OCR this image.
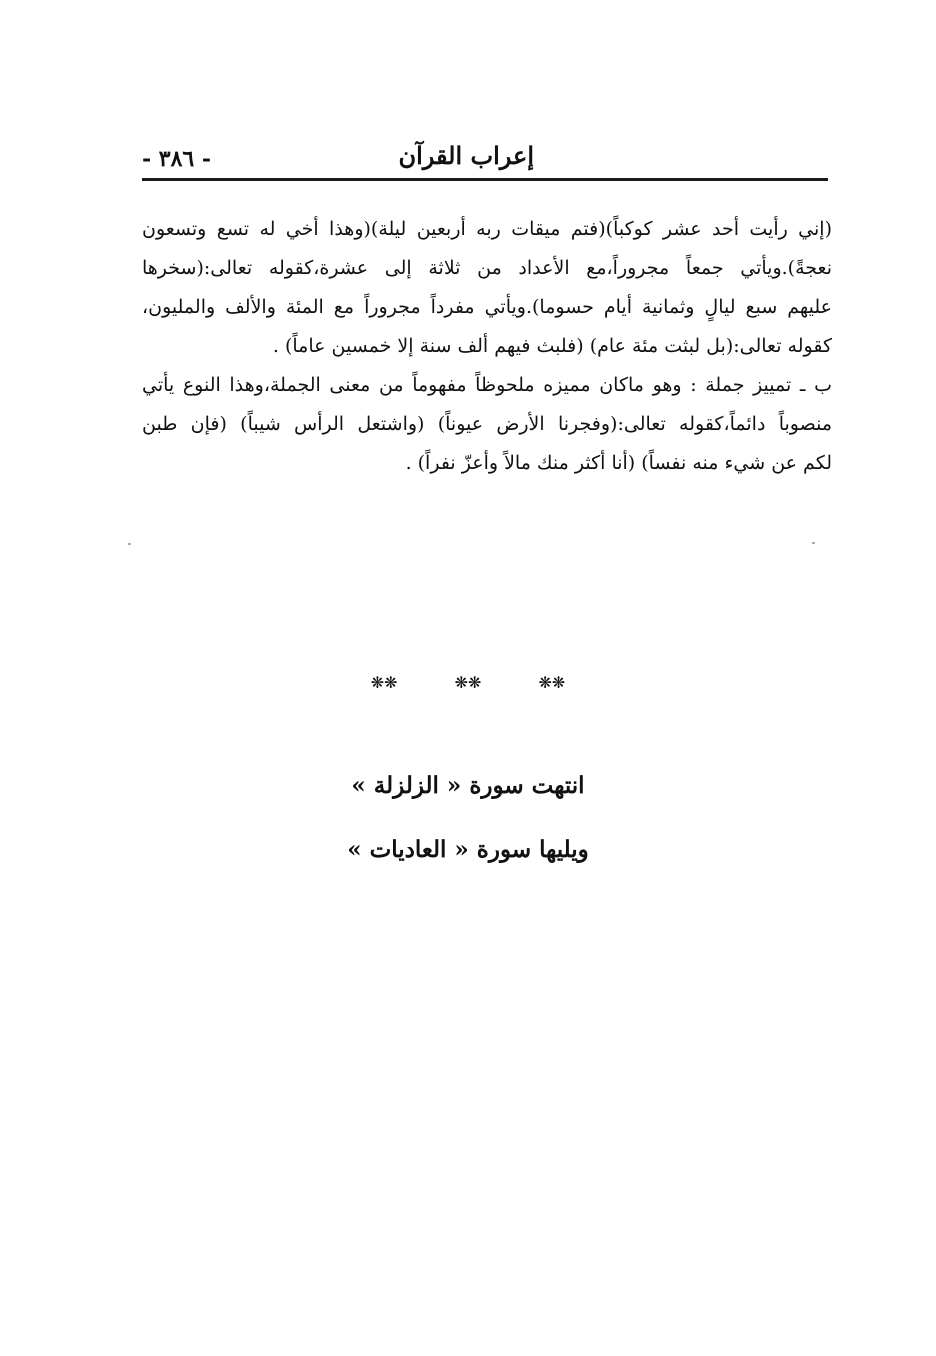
- ٣٨٦ -	إعراب القرآن
(إني رأيت أحد عشر كوكباً)(فتم ميقات ربه أربعين ليلة)(وهذا أخي له تسع وتسعون
نعجةً).ويأتي جمعاً مجروراً،مع الأعداد من ثلاثة إلى عشرة،كقوله تعالى:(سخرها
عليهم سبع ليالٍ وثمانية أيام حسوما).ويأتي مفرداً مجروراً مع المئة والألف والمليون،
كقوله تعالى:(بل لبثت مئة عام) (فلبث فيهم ألف سنة إلا خمسين عاماً) .
ب ـ تمييز جملة : وهو ماكان مميزه ملحوظاً مفهوماً من معنى الجملة،وهذا النوع يأتي
منصوباً دائماً،كقوله تعالى:(وفجرنا الأرض عيوناً) (واشتعل الرأس شيباً) (فإن طبن
لكم عن شيء منه نفساً) (أنا أكثر منك مالاً وأعزّ نفراً) .
❋❋	❋❋	❋❋
انتهت سورة « الزلزلة »
ويليها سورة « العاديات »
